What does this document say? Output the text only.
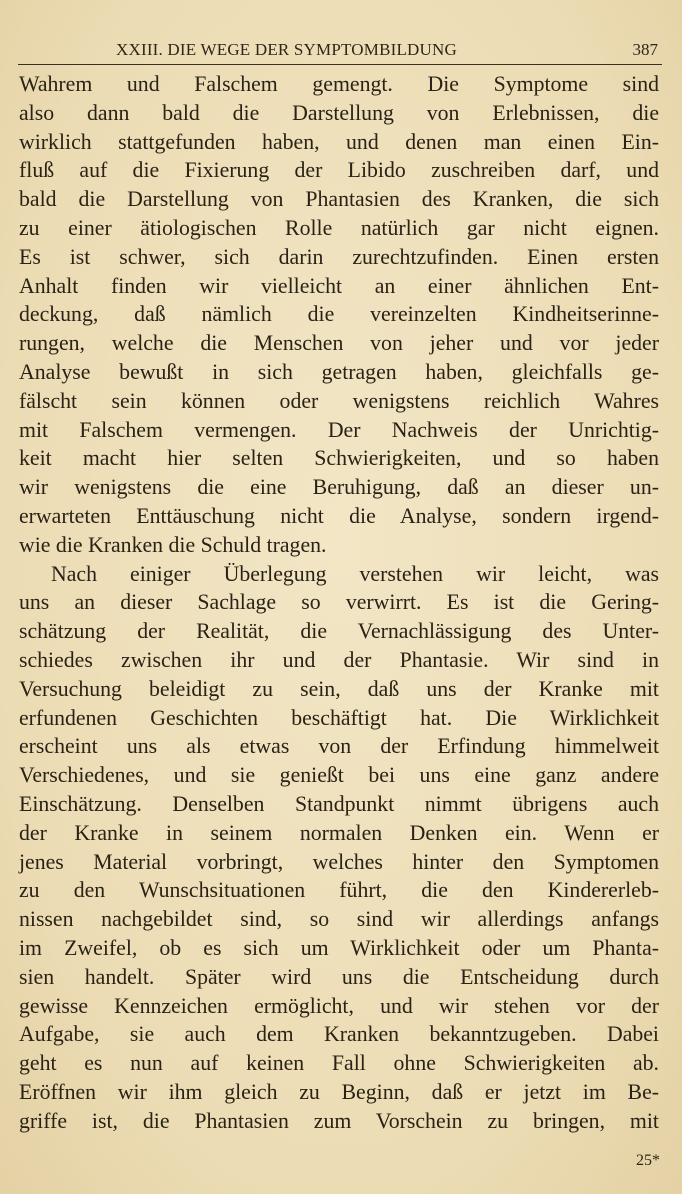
XXIII. DIE WEGE DER SYMPTOMBILDUNG	387
Wahrem und Falschem gemengt. Die Symptome sind
also dann bald die Darstellung von Erlebnissen, die
wirklich stattgefunden haben, und denen man einen Ein-
fluß auf die Fixierung der Libido zuschreiben darf, und
bald die Darstellung von Phantasien des Kranken, die sich
zu einer ätiologischen Rolle natürlich gar nicht eignen.
Es ist schwer, sich darin zurechtzufinden. Einen ersten
Anhalt finden wir vielleicht an einer ähnlichen Ent-
deckung, daß nämlich die vereinzelten Kindheitserinne-
rungen, welche die Menschen von jeher und vor jeder
Analyse bewußt in sich getragen haben, gleichfalls ge-
fälscht sein können oder wenigstens reichlich Wahres
mit Falschem vermengen. Der Nachweis der Unrichtig-
keit macht hier selten Schwierigkeiten, und so haben
wir wenigstens die eine Beruhigung, daß an dieser un-
erwarteten Enttäuschung nicht die Analyse, sondern irgend-
wie die Kranken die Schuld tragen.
Nach einiger Überlegung verstehen wir leicht, was
uns an dieser Sachlage so verwirrt. Es ist die Gering-
schätzung der Realität, die Vernachlässigung des Unter-
schiedes zwischen ihr und der Phantasie. Wir sind in
Versuchung beleidigt zu sein, daß uns der Kranke mit
erfundenen Geschichten beschäftigt hat. Die Wirklichkeit
erscheint uns als etwas von der Erfindung himmelweit
Verschiedenes, und sie genießt bei uns eine ganz andere
Einschätzung. Denselben Standpunkt nimmt übrigens auch
der Kranke in seinem normalen Denken ein. Wenn er
jenes Material vorbringt, welches hinter den Symptomen
zu den Wunschsituationen führt, die den Kindererleb-
nissen nachgebildet sind, so sind wir allerdings anfangs
im Zweifel, ob es sich um Wirklichkeit oder um Phanta-
sien handelt. Später wird uns die Entscheidung durch
gewisse Kennzeichen ermöglicht, und wir stehen vor der
Aufgabe, sie auch dem Kranken bekanntzugeben. Dabei
geht es nun auf keinen Fall ohne Schwierigkeiten ab.
Eröffnen wir ihm gleich zu Beginn, daß er jetzt im Be-
griffe ist, die Phantasien zum Vorschein zu bringen, mit
25*
